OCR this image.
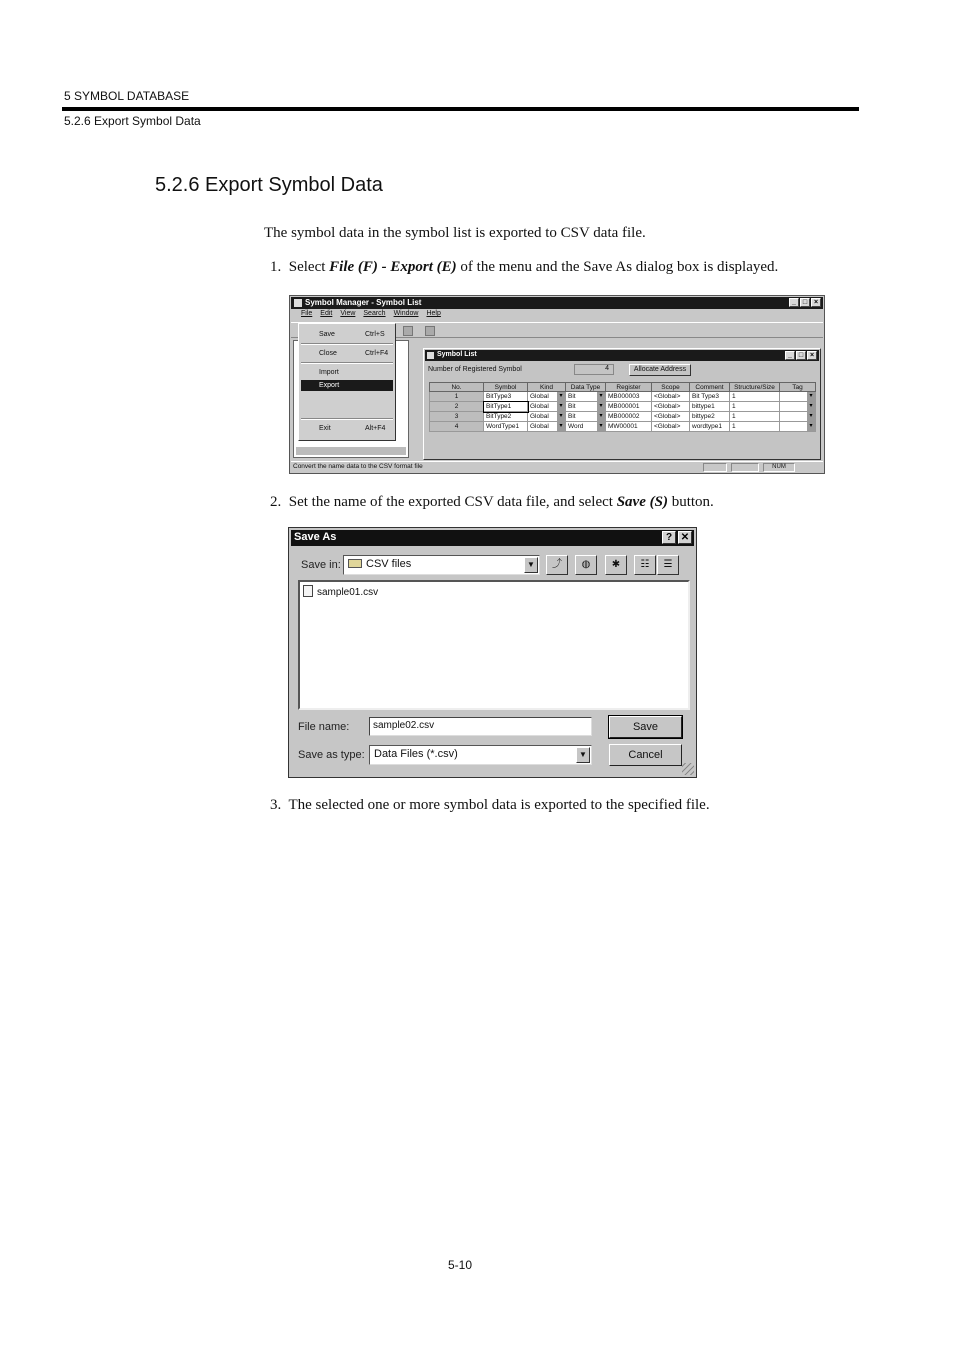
5 SYMBOL DATABASE
5.2.6 Export Symbol Data
5.2.6 Export Symbol Data
The symbol data in the symbol list is exported to CSV data file.
1. Select File (F) - Export (E) of the menu and the Save As dialog box is displayed.
Symbol Manager - Symbol List	_ □ ×
File Edit View Search Window Help
Save	Ctrl+S
Close	Ctrl+F4
Import
Export
Exit	Alt+F4
Symbol List	_ □ ×
Number of Registered Symbol	4	Allocate Address
No.	Symbol	Kind	Data Type	Register	Scope	Comment	Structure/Size	Tag
1	BitType3	Global ▾	Bit ▾	MB000003	<Global>	Bit Type3	1	▾
2	BitType1	Global ▾	Bit ▾	MB000001	<Global>	bittype1	1	▾
3	BitType2	Global ▾	Bit ▾	MB000002	<Global>	bittype2	1	▾
4	WordType1	Global ▾	Word ▾	MW00001	<Global>	wordtype1	1	▾
Convert the name data to the CSV format file	NUM
2. Set the name of the exported CSV data file, and select Save (S) button.
Save As	? ✕
Save in:	CSV files	▼	⤴	◍	✱	☷	☰
sample01.csv
File name:	sample02.csv	Save
Save as type: Data Files (*.csv)	▼	Cancel
3. The selected one or more symbol data is exported to the specified file.
5-10
